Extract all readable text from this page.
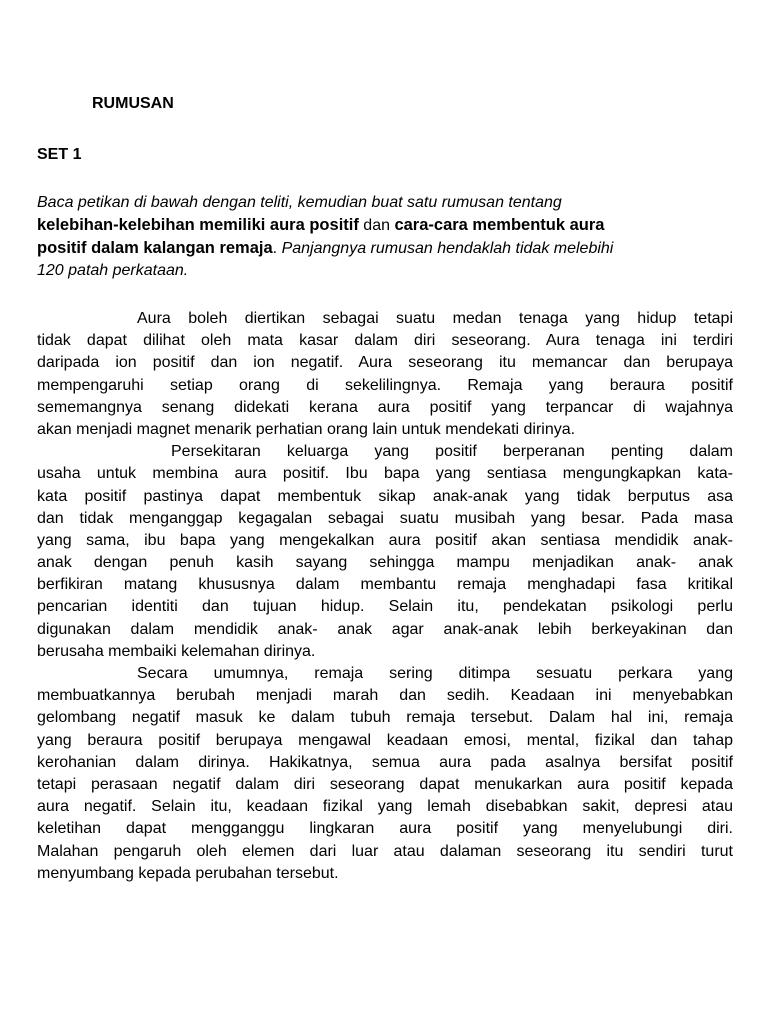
RUMUSAN
SET 1
Baca petikan di bawah dengan teliti, kemudian buat satu rumusan tentang
kelebihan-kelebihan memiliki aura positif dan cara-cara membentuk aura
positif dalam kalangan remaja. Panjangnya rumusan hendaklah tidak melebihi
120 patah perkataan.
Aura boleh diertikan sebagai suatu medan tenaga yang hidup tetapi
tidak dapat dilihat oleh mata kasar dalam diri seseorang. Aura tenaga ini terdiri
daripada ion positif dan ion negatif. Aura seseorang itu memancar dan berupaya
mempengaruhi setiap orang di sekelilingnya. Remaja yang beraura positif
sememangnya senang didekati kerana aura positif yang terpancar di wajahnya
akan menjadi magnet menarik perhatian orang lain untuk mendekati dirinya.
Persekitaran keluarga yang positif berperanan penting dalam
usaha untuk membina aura positif. Ibu bapa yang sentiasa mengungkapkan kata-
kata positif pastinya dapat membentuk sikap anak-anak yang tidak berputus asa
dan tidak menganggap kegagalan sebagai suatu musibah yang besar. Pada masa
yang sama, ibu bapa yang mengekalkan aura positif akan sentiasa mendidik anak-
anak dengan penuh kasih sayang sehingga mampu menjadikan anak- anak
berfikiran matang khususnya dalam membantu remaja menghadapi fasa kritikal
pencarian identiti dan tujuan hidup. Selain itu, pendekatan psikologi perlu
digunakan dalam mendidik anak- anak agar anak-anak lebih berkeyakinan dan
berusaha membaiki kelemahan dirinya.
Secara umumnya, remaja sering ditimpa sesuatu perkara yang
membuatkannya berubah menjadi marah dan sedih. Keadaan ini menyebabkan
gelombang negatif masuk ke dalam tubuh remaja tersebut. Dalam hal ini, remaja
yang beraura positif berupaya mengawal keadaan emosi, mental, fizikal dan tahap
kerohanian dalam dirinya. Hakikatnya, semua aura pada asalnya bersifat positif
tetapi perasaan negatif dalam diri seseorang dapat menukarkan aura positif kepada
aura negatif. Selain itu, keadaan fizikal yang lemah disebabkan sakit, depresi atau
keletihan dapat mengganggu lingkaran aura positif yang menyelubungi diri.
Malahan pengaruh oleh elemen dari luar atau dalaman seseorang itu sendiri turut
menyumbang kepada perubahan tersebut.
